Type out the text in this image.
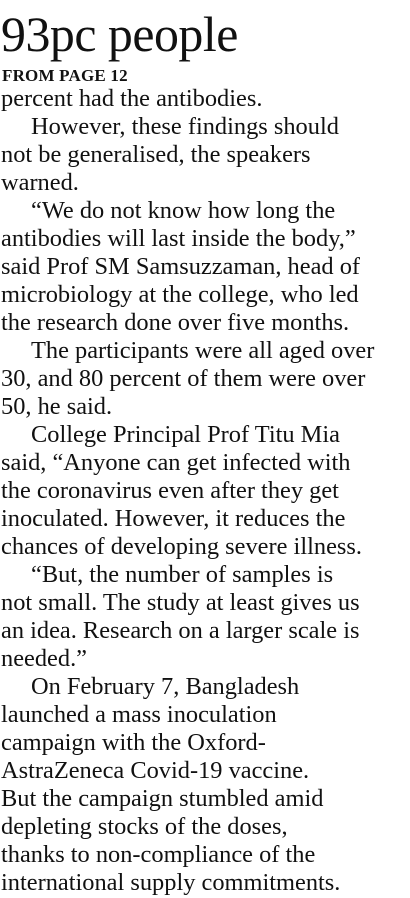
93pc people
FROM PAGE 12
percent had the antibodies.
However, these findings should
not be generalised, the speakers
warned.
“We do not know how long the
antibodies will last inside the body,”
said Prof SM Samsuzzaman, head of
microbiology at the college, who led
the research done over five months.
The participants were all aged over
30, and 80 percent of them were over
50, he said.
College Principal Prof Titu Mia
said, “Anyone can get infected with
the coronavirus even after they get
inoculated. However, it reduces the
chances of developing severe illness.
“But, the number of samples is
not small. The study at least gives us
an idea. Research on a larger scale is
needed.”
On February 7, Bangladesh
launched a mass inoculation
campaign with the Oxford-
AstraZeneca Covid-19 vaccine.
But the campaign stumbled amid
depleting stocks of the doses,
thanks to non-compliance of the
international supply commitments.
